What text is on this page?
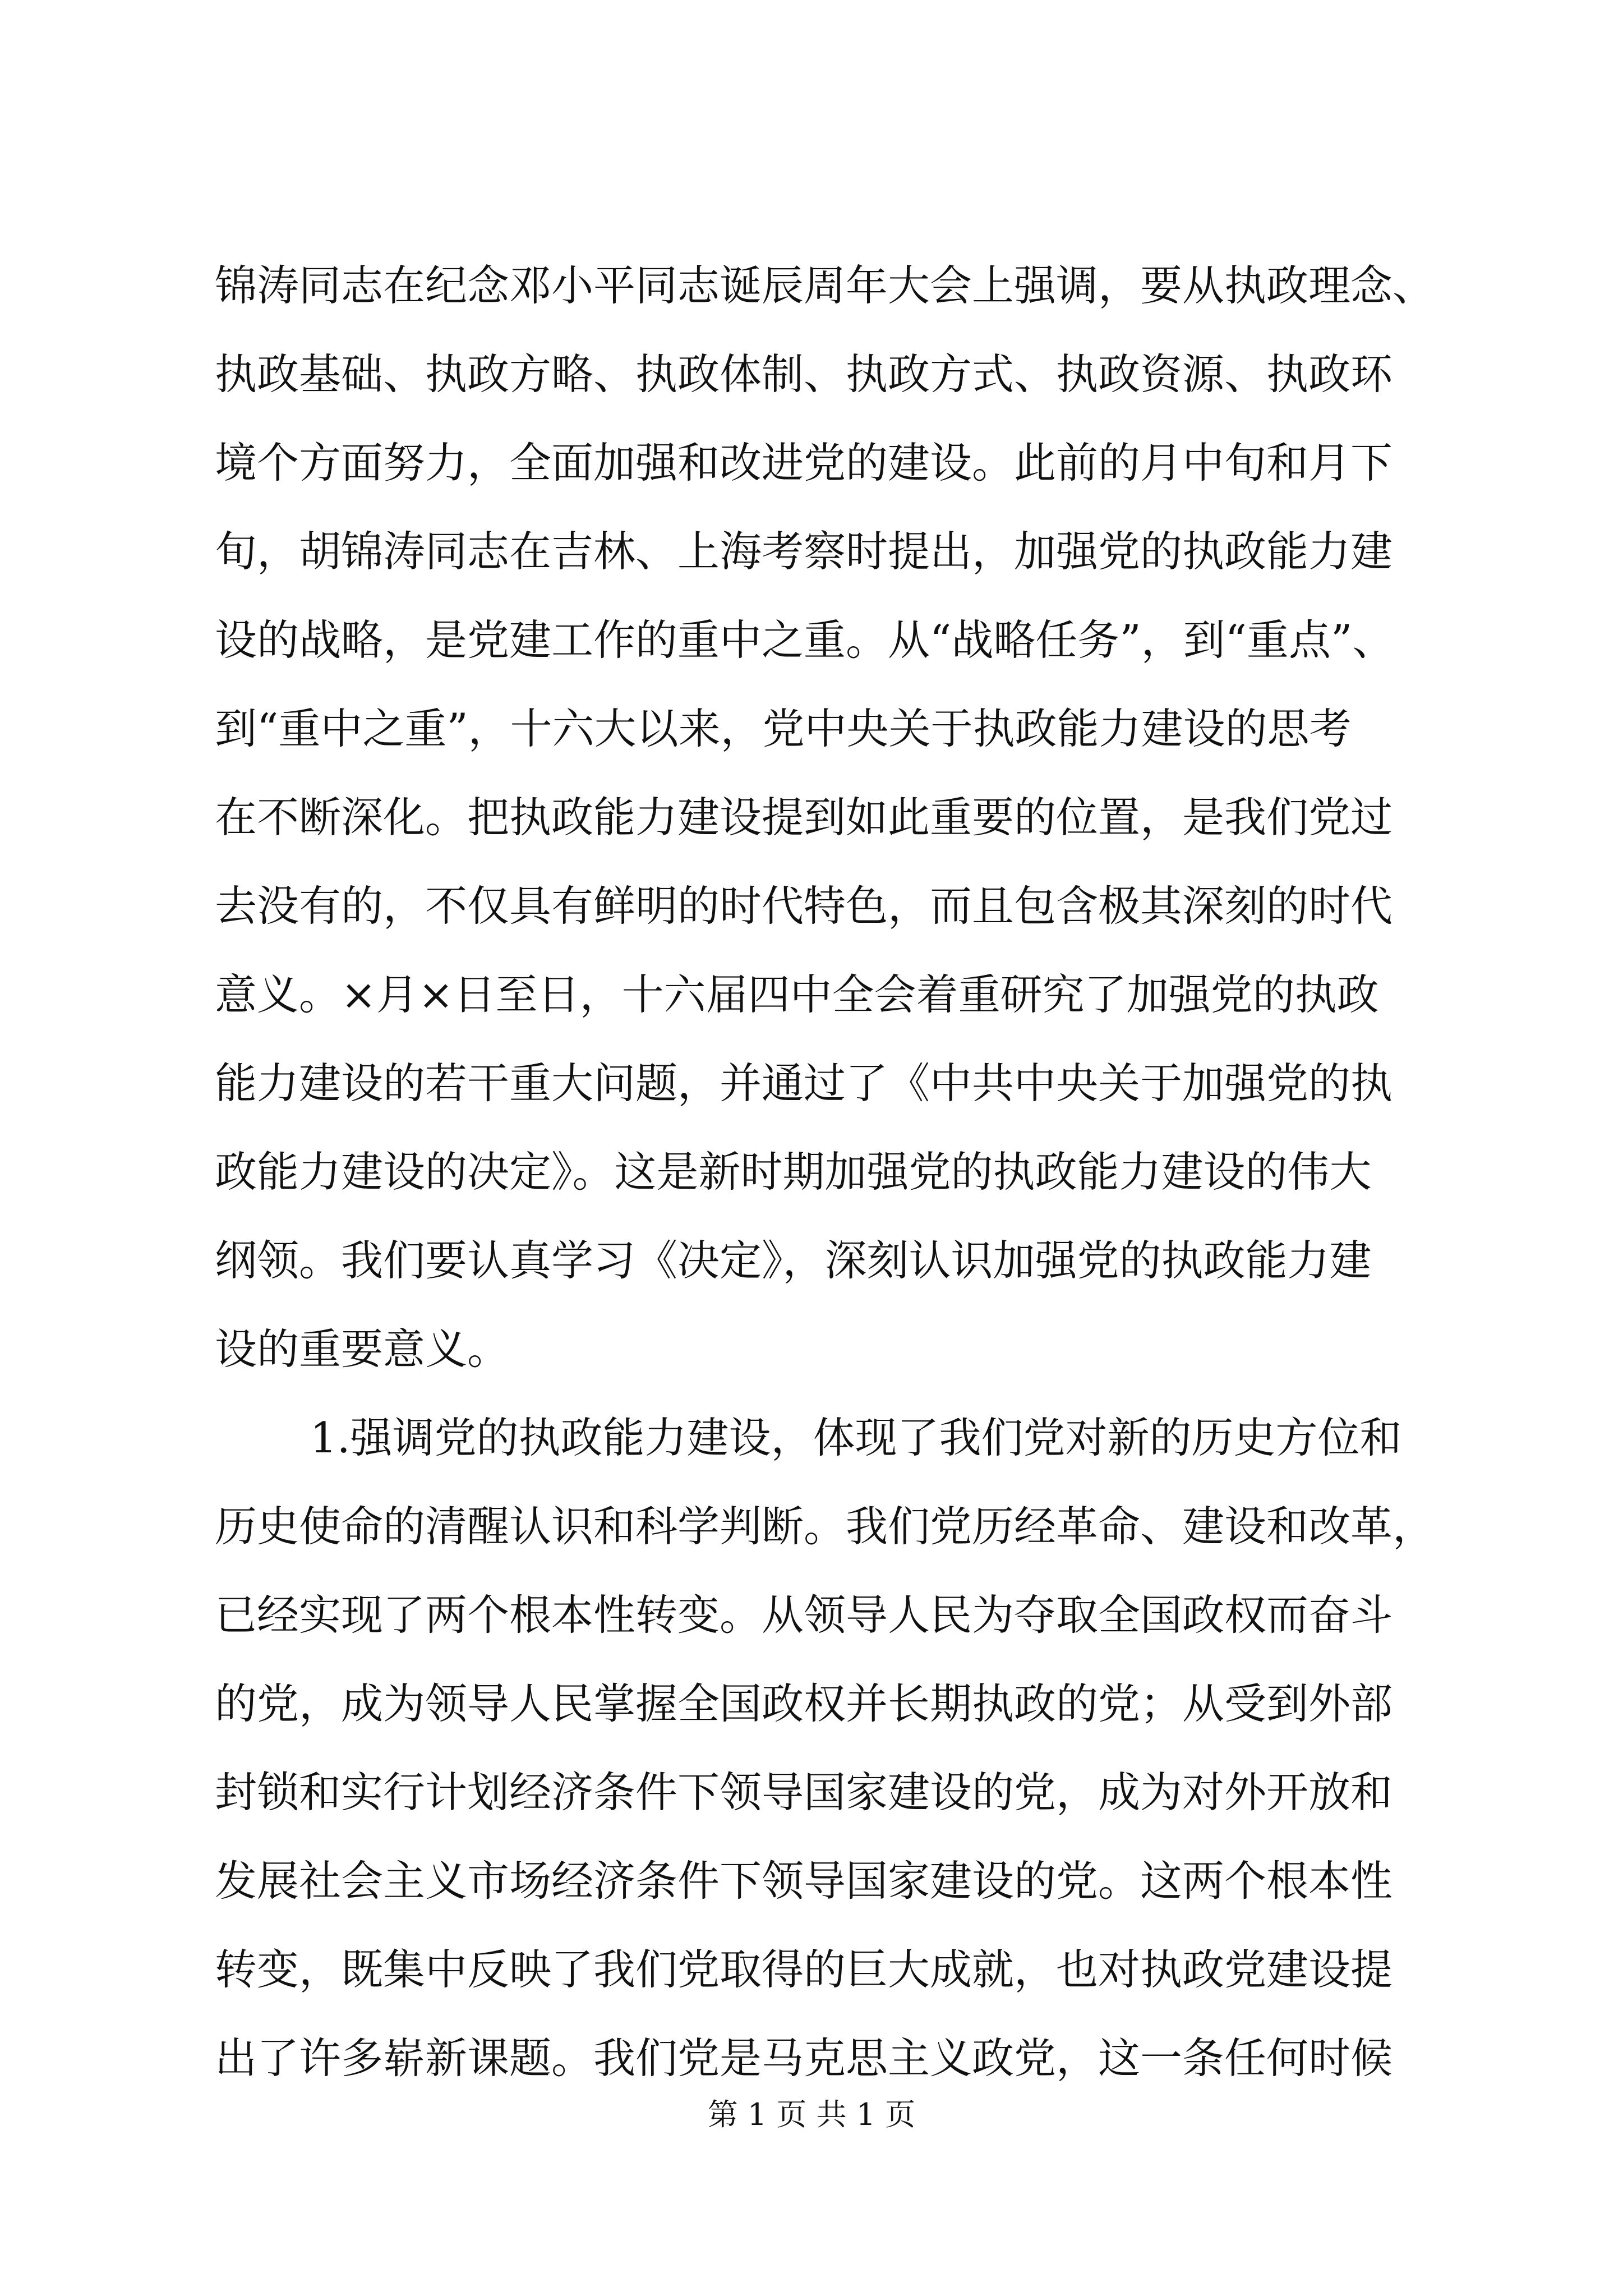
锦涛同志在纪念邓小平同志诞辰周年大会上强调，要从执政理念、
执政基础、执政方略、执政体制、执政方式、执政资源、执政环
境个方面努力，全面加强和改进党的建设。此前的月中旬和月下
旬，胡锦涛同志在吉林、上海考察时提出，加强党的执政能力建
设的战略，是党建工作的重中之重。从“战略任务”，到“重点”、
到“重中之重”，十六大以来，党中央关于执政能力建设的思考
在不断深化。把执政能力建设提到如此重要的位置，是我们党过
去没有的，不仅具有鲜明的时代特色，而且包含极其深刻的时代
意义。×月×日至日，十六届四中全会着重研究了加强党的执政
能力建设的若干重大问题，并通过了《中共中央关于加强党的执
政能力建设的决定》。这是新时期加强党的执政能力建设的伟大
纲领。我们要认真学习《决定》，深刻认识加强党的执政能力建
设的重要意义。
1.强调党的执政能力建设，体现了我们党对新的历史方位和
历史使命的清醒认识和科学判断。我们党历经革命、建设和改革，
已经实现了两个根本性转变。从领导人民为夺取全国政权而奋斗
的党，成为领导人民掌握全国政权并长期执政的党；从受到外部
封锁和实行计划经济条件下领导国家建设的党，成为对外开放和
发展社会主义市场经济条件下领导国家建设的党。这两个根本性
转变，既集中反映了我们党取得的巨大成就，也对执政党建设提
出了许多崭新课题。我们党是马克思主义政党，这一条任何时候
第 1 页 共 1 页
